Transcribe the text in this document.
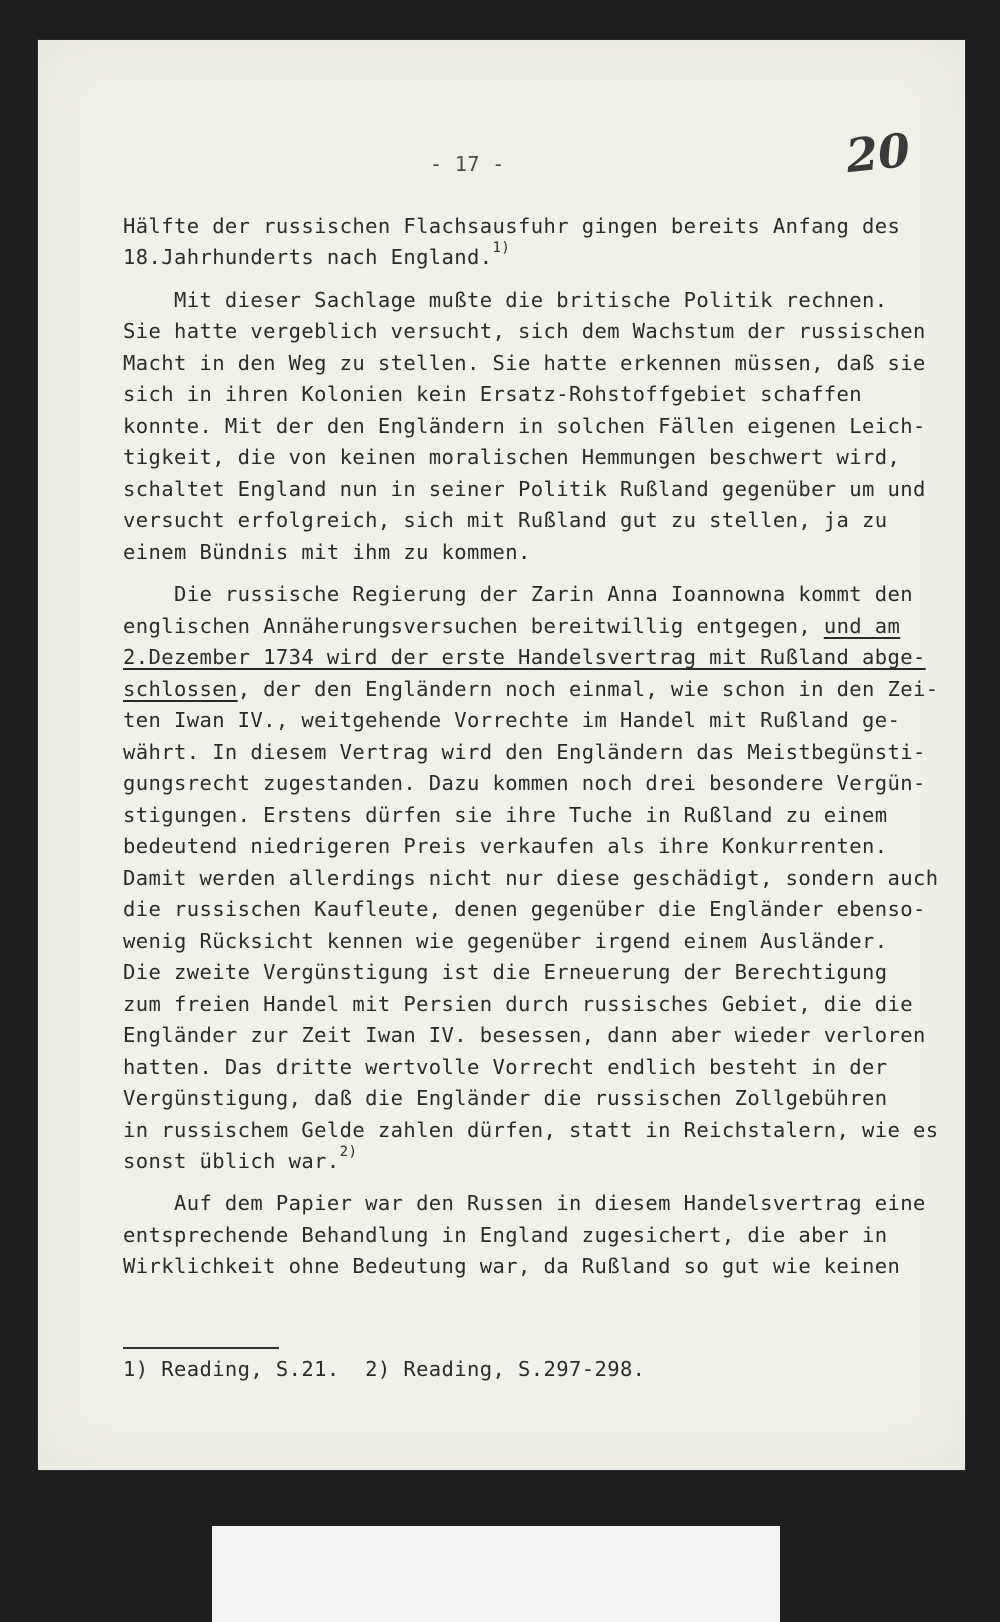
- 17 -	20
Hälfte der russischen Flachsausfuhr gingen bereits Anfang des
18.Jahrhunderts nach England.$^{1)}$
Mit dieser Sachlage mußte die britische Politik rechnen.
Sie hatte vergeblich versucht, sich dem Wachstum der russischen
Macht in den Weg zu stellen. Sie hatte erkennen müssen, daß sie
sich in ihren Kolonien kein Ersatz-Rohstoffgebiet schaffen
konnte. Mit der den Engländern in solchen Fällen eigenen Leich-
tigkeit, die von keinen moralischen Hemmungen beschwert wird,
schaltet England nun in seiner Politik Rußland gegenüber um und
versucht erfolgreich, sich mit Rußland gut zu stellen, ja zu
einem Bündnis mit ihm zu kommen.
Die russische Regierung der Zarin Anna Ioannowna kommt den
englischen Annäherungsversuchen bereitwillig entgegen, und am
2.Dezember 1734 wird der erste Handelsvertrag mit Rußland abge-
schlossen, der den Engländern noch einmal, wie schon in den Zei-
ten Iwan IV., weitgehende Vorrechte im Handel mit Rußland ge-
währt. In diesem Vertrag wird den Engländern das Meistbegünsti-
gungsrecht zugestanden. Dazu kommen noch drei besondere Vergün-
stigungen. Erstens dürfen sie ihre Tuche in Rußland zu einem
bedeutend niedrigeren Preis verkaufen als ihre Konkurrenten.
Damit werden allerdings nicht nur diese geschädigt, sondern auch
die russischen Kaufleute, denen gegenüber die Engländer ebenso-
wenig Rücksicht kennen wie gegenüber irgend einem Ausländer.
Die zweite Vergünstigung ist die Erneuerung der Berechtigung
zum freien Handel mit Persien durch russisches Gebiet, die die
Engländer zur Zeit Iwan IV. besessen, dann aber wieder verloren
hatten. Das dritte wertvolle Vorrecht endlich besteht in der
Vergünstigung, daß die Engländer die russischen Zollgebühren
in russischem Gelde zahlen dürfen, statt in Reichstalern, wie es
sonst üblich war.$^{2)}$
Auf dem Papier war den Russen in diesem Handelsvertrag eine
entsprechende Behandlung in England zugesichert, die aber in
Wirklichkeit ohne Bedeutung war, da Rußland so gut wie keinen
1) Reading, S.21.  2) Reading, S.297-298.
